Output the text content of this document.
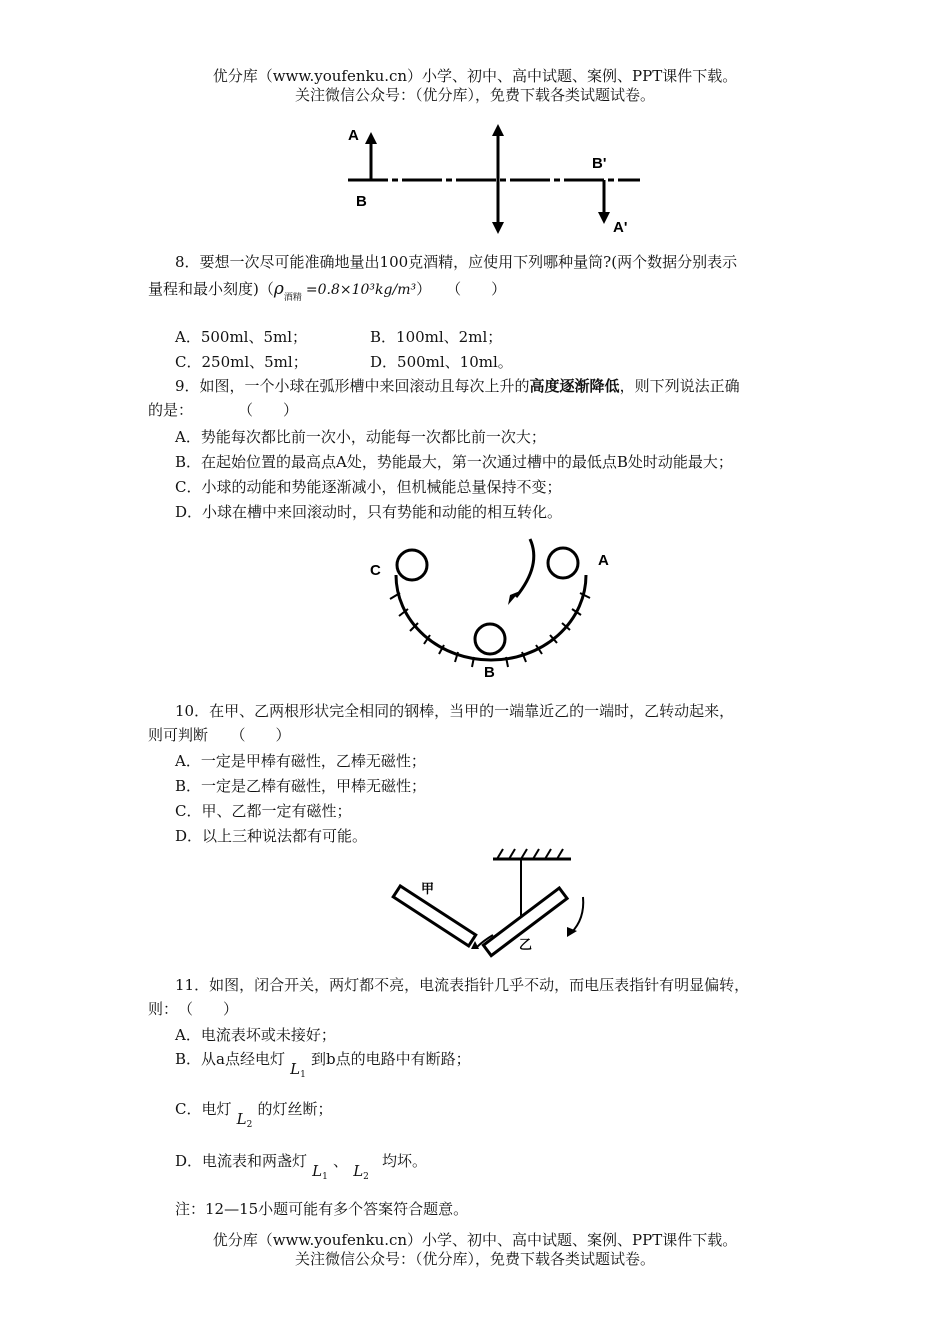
优分库（www.youfenku.cn）小学、初中、高中试题、案例、PPT课件下载。
关注微信公众号：（优分库），免费下载各类试题试卷。
A
B
B'
A'
8．要想一次尽可能准确地量出100克酒精，应使用下列哪种量筒?(两个数据分别表示
量程和最小刻度)$(\rho_{酒精} =0.8\times 10^3kg/m^3)$　　（　　）
A．500ml、5ml；	B．100ml、2ml；
C．250ml、5ml；	D．500ml、10ml。
9．如图，一个小球在弧形槽中来回滚动且每次上升的高度逐渐降低，则下列说法正确
的是：　　　　（　　）
A．势能每次都比前一次小，动能每一次都比前一次大；
B．在起始位置的最高点A处，势能最大，第一次通过槽中的最低点B处时动能最大；
C．小球的动能和势能逐渐减小，但机械能总量保持不变；
D．小球在槽中来回滚动时，只有势能和动能的相互转化。
C
A
B
10．在甲、乙两根形状完全相同的钢棒，当甲的一端靠近乙的一端时，乙转动起来，
则可判断　　（　　）
A．一定是甲棒有磁性，乙棒无磁性；
B．一定是乙棒有磁性，甲棒无磁性；
C．甲、乙都一定有磁性；
D．以上三种说法都有可能。
甲
乙
11．如图，闭合开关，两灯都不亮，电流表指针几乎不动，而电压表指针有明显偏转，
则：　（　　）
A．电流表坏或未接好；
B．从a点经电灯$L_1$到b点的电路中有断路；
C．电灯$L_2$的灯丝断；
D．电流表和两盏灯$L_1$、$L_2$均坏。
注：12—15小题可能有多个答案符合题意。
优分库（www.youfenku.cn）小学、初中、高中试题、案例、PPT课件下载。
关注微信公众号：（优分库），免费下载各类试题试卷。
